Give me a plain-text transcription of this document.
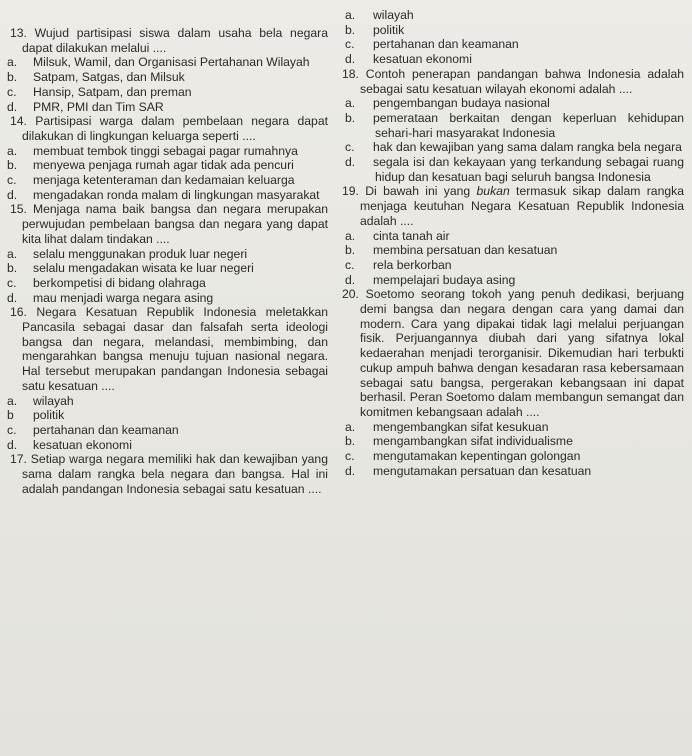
13. Wujud partisipasi siswa dalam usaha bela negara dapat dilakukan melalui ....
a. Milsuk, Wamil, dan Organisasi Pertahanan Wilayah
b. Satpam, Satgas, dan Milsuk
c. Hansip, Satpam, dan preman
d. PMR, PMI dan Tim SAR
14. Partisipasi warga dalam pembelaan negara dapat dilakukan di lingkungan keluarga seperti ....
a. membuat tembok tinggi sebagai pagar rumahnya
b. menyewa penjaga rumah agar tidak ada pencuri
c. menjaga ketenteraman dan kedamaian keluarga
d. mengadakan ronda malam di lingkungan masyarakat
15. Menjaga nama baik bangsa dan negara merupakan perwujudan pembelaan bangsa dan negara yang dapat kita lihat dalam tindakan ....
a. selalu menggunakan produk luar negeri
b. selalu mengadakan wisata ke luar negeri
c. berkompetisi di bidang olahraga
d. mau menjadi warga negara asing
16. Negara Kesatuan Republik Indonesia meletakkan Pancasila sebagai dasar dan falsafah serta ideologi bangsa dan negara, melandasi, membimbing, dan mengarahkan bangsa menuju tujuan nasional negara. Hal tersebut merupakan pandangan Indonesia sebagai satu kesatuan ....
a. wilayah
b politik
c. pertahanan dan keamanan
d. kesatuan ekonomi
17. Setiap warga negara memiliki hak dan kewajiban yang sama dalam rangka bela negara dan bangsa. Hal ini adalah pandangan Indonesia sebagai satu kesatuan ....
a. wilayah
b. politik
c. pertahanan dan keamanan
d. kesatuan ekonomi
18. Contoh penerapan pandangan bahwa Indonesia adalah sebagai satu kesatuan wilayah ekonomi adalah ....
a. pengembangan budaya nasional
b. pemerataan berkaitan dengan keperluan kehidupan sehari-hari masyarakat Indonesia
c. hak dan kewajiban yang sama dalam rangka bela negara
d. segala isi dan kekayaan yang terkandung sebagai ruang hidup dan kesatuan bagi seluruh bangsa Indonesia
19. Di bawah ini yang bukan termasuk sikap dalam rangka menjaga keutuhan Negara Kesatuan Republik Indonesia adalah ....
a. cinta tanah air
b. membina persatuan dan kesatuan
c. rela berkorban
d. mempelajari budaya asing
20. Soetomo seorang tokoh yang penuh dedikasi, berjuang demi bangsa dan negara dengan cara yang damai dan modern. Cara yang dipakai tidak lagi melalui perjuangan fisik. Perjuangannya diubah dari yang sifatnya lokal kedaerahan menjadi terorganisir. Dikemudian hari terbukti cukup ampuh bahwa dengan kesadaran rasa kebersamaan sebagai satu bangsa, pergerakan kebangsaan ini dapat berhasil. Peran Soetomo dalam membangun semangat dan komitmen kebangsaan adalah ....
a. mengembangkan sifat kesukuan
b. mengambangkan sifat individualisme
c. mengutamakan kepentingan golongan
d. mengutamakan persatuan dan kesatuan
